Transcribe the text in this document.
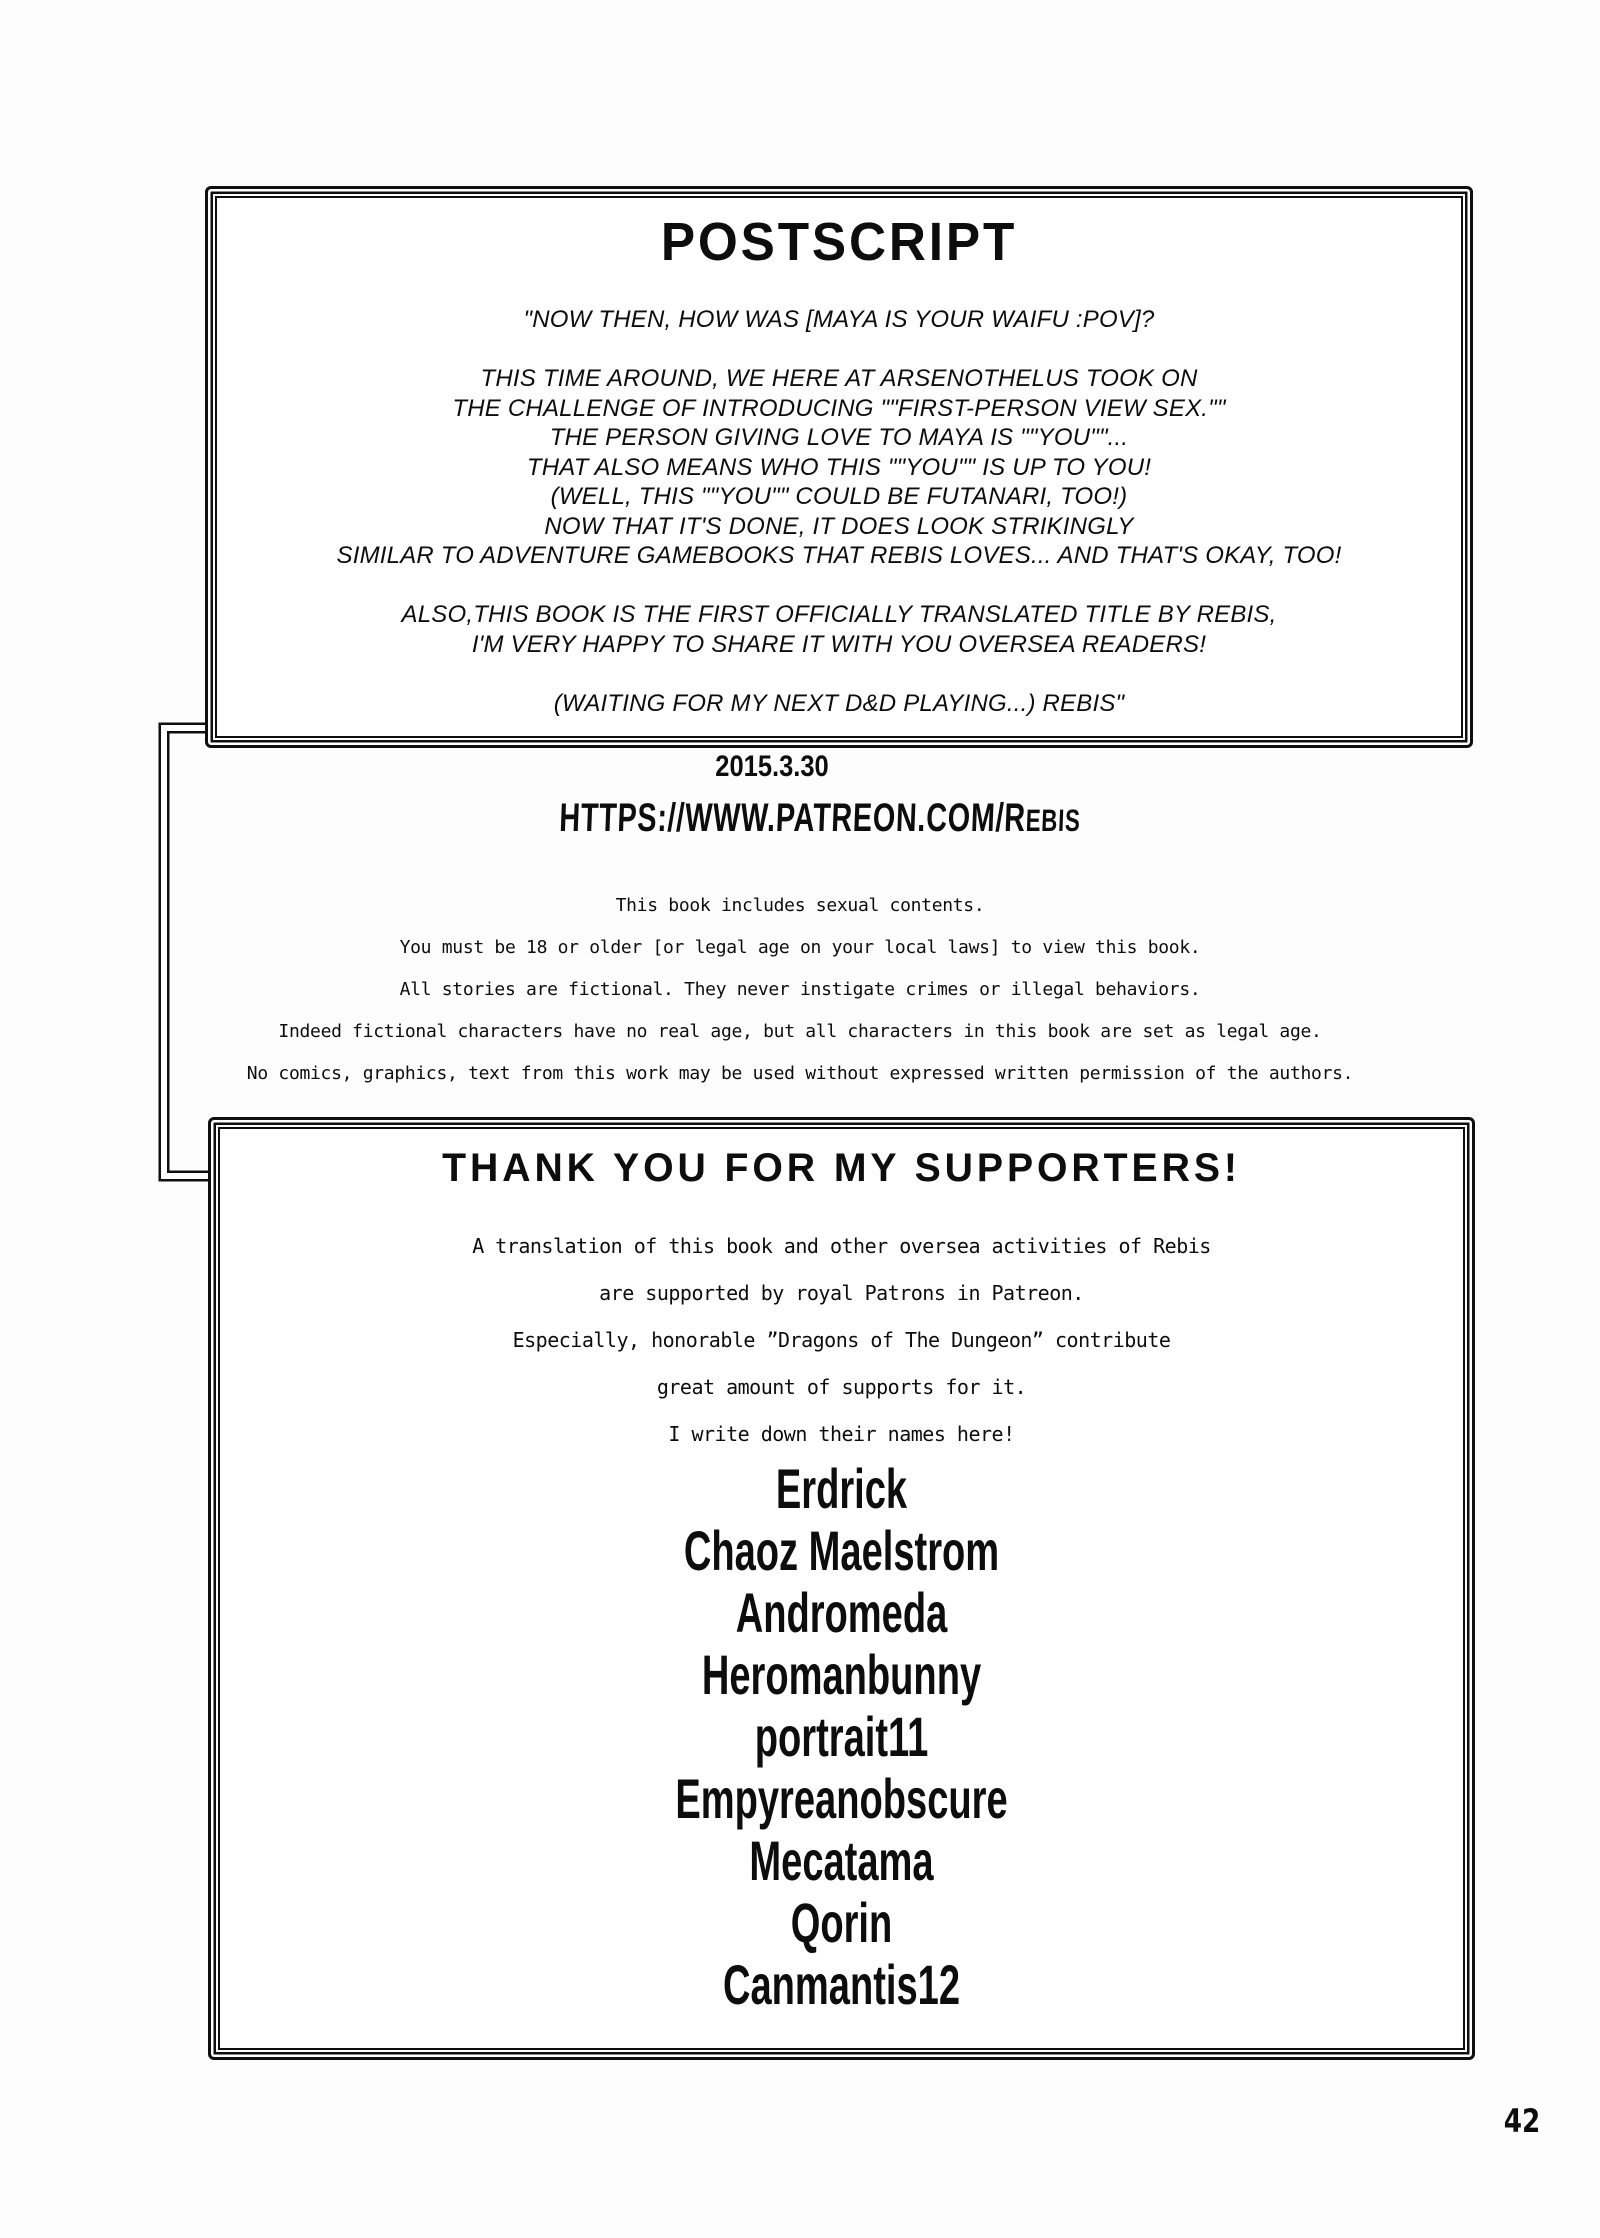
POSTSCRIPT
"NOW THEN, HOW WAS [MAYA IS YOUR WAIFU :POV]?
THIS TIME AROUND, WE HERE AT ARSENOTHELUS TOOK ON
THE CHALLENGE OF INTRODUCING ""FIRST-PERSON VIEW SEX.""
THE PERSON GIVING LOVE TO MAYA IS ""YOU""...
THAT ALSO MEANS WHO THIS ""YOU"" IS UP TO YOU!
(WELL, THIS ""YOU"" COULD BE FUTANARI, TOO!)
NOW THAT IT'S DONE, IT DOES LOOK STRIKINGLY
SIMILAR TO ADVENTURE GAMEBOOKS THAT REBIS LOVES... AND THAT'S OKAY, TOO!
ALSO,THIS BOOK IS THE FIRST OFFICIALLY TRANSLATED TITLE BY REBIS,
I'M VERY HAPPY TO SHARE IT WITH YOU OVERSEA READERS!
(WAITING FOR MY NEXT D&D PLAYING...) REBIS"
2015.3.30
HTTPS://WWW.PATREON.COM/REBIS
This book includes sexual contents.
You must be 18 or older [or legal age on your local laws] to view this book.
All stories are fictional. They never instigate crimes or illegal behaviors.
Indeed fictional characters have no real age, but all characters in this book are set as legal age.
No comics, graphics, text from this work may be used without expressed written permission of the authors.
THANK YOU FOR MY SUPPORTERS!
A translation of this book and other oversea activities of Rebis
are supported by royal Patrons in Patreon.
Especially, honorable ”Dragons of The Dungeon” contribute
great amount of supports for it.
I write down their names here!
Erdrick
Chaoz Maelstrom
Andromeda
Heromanbunny
portrait11
Empyreanobscure
Mecatama
Qorin
Canmantis12
42
